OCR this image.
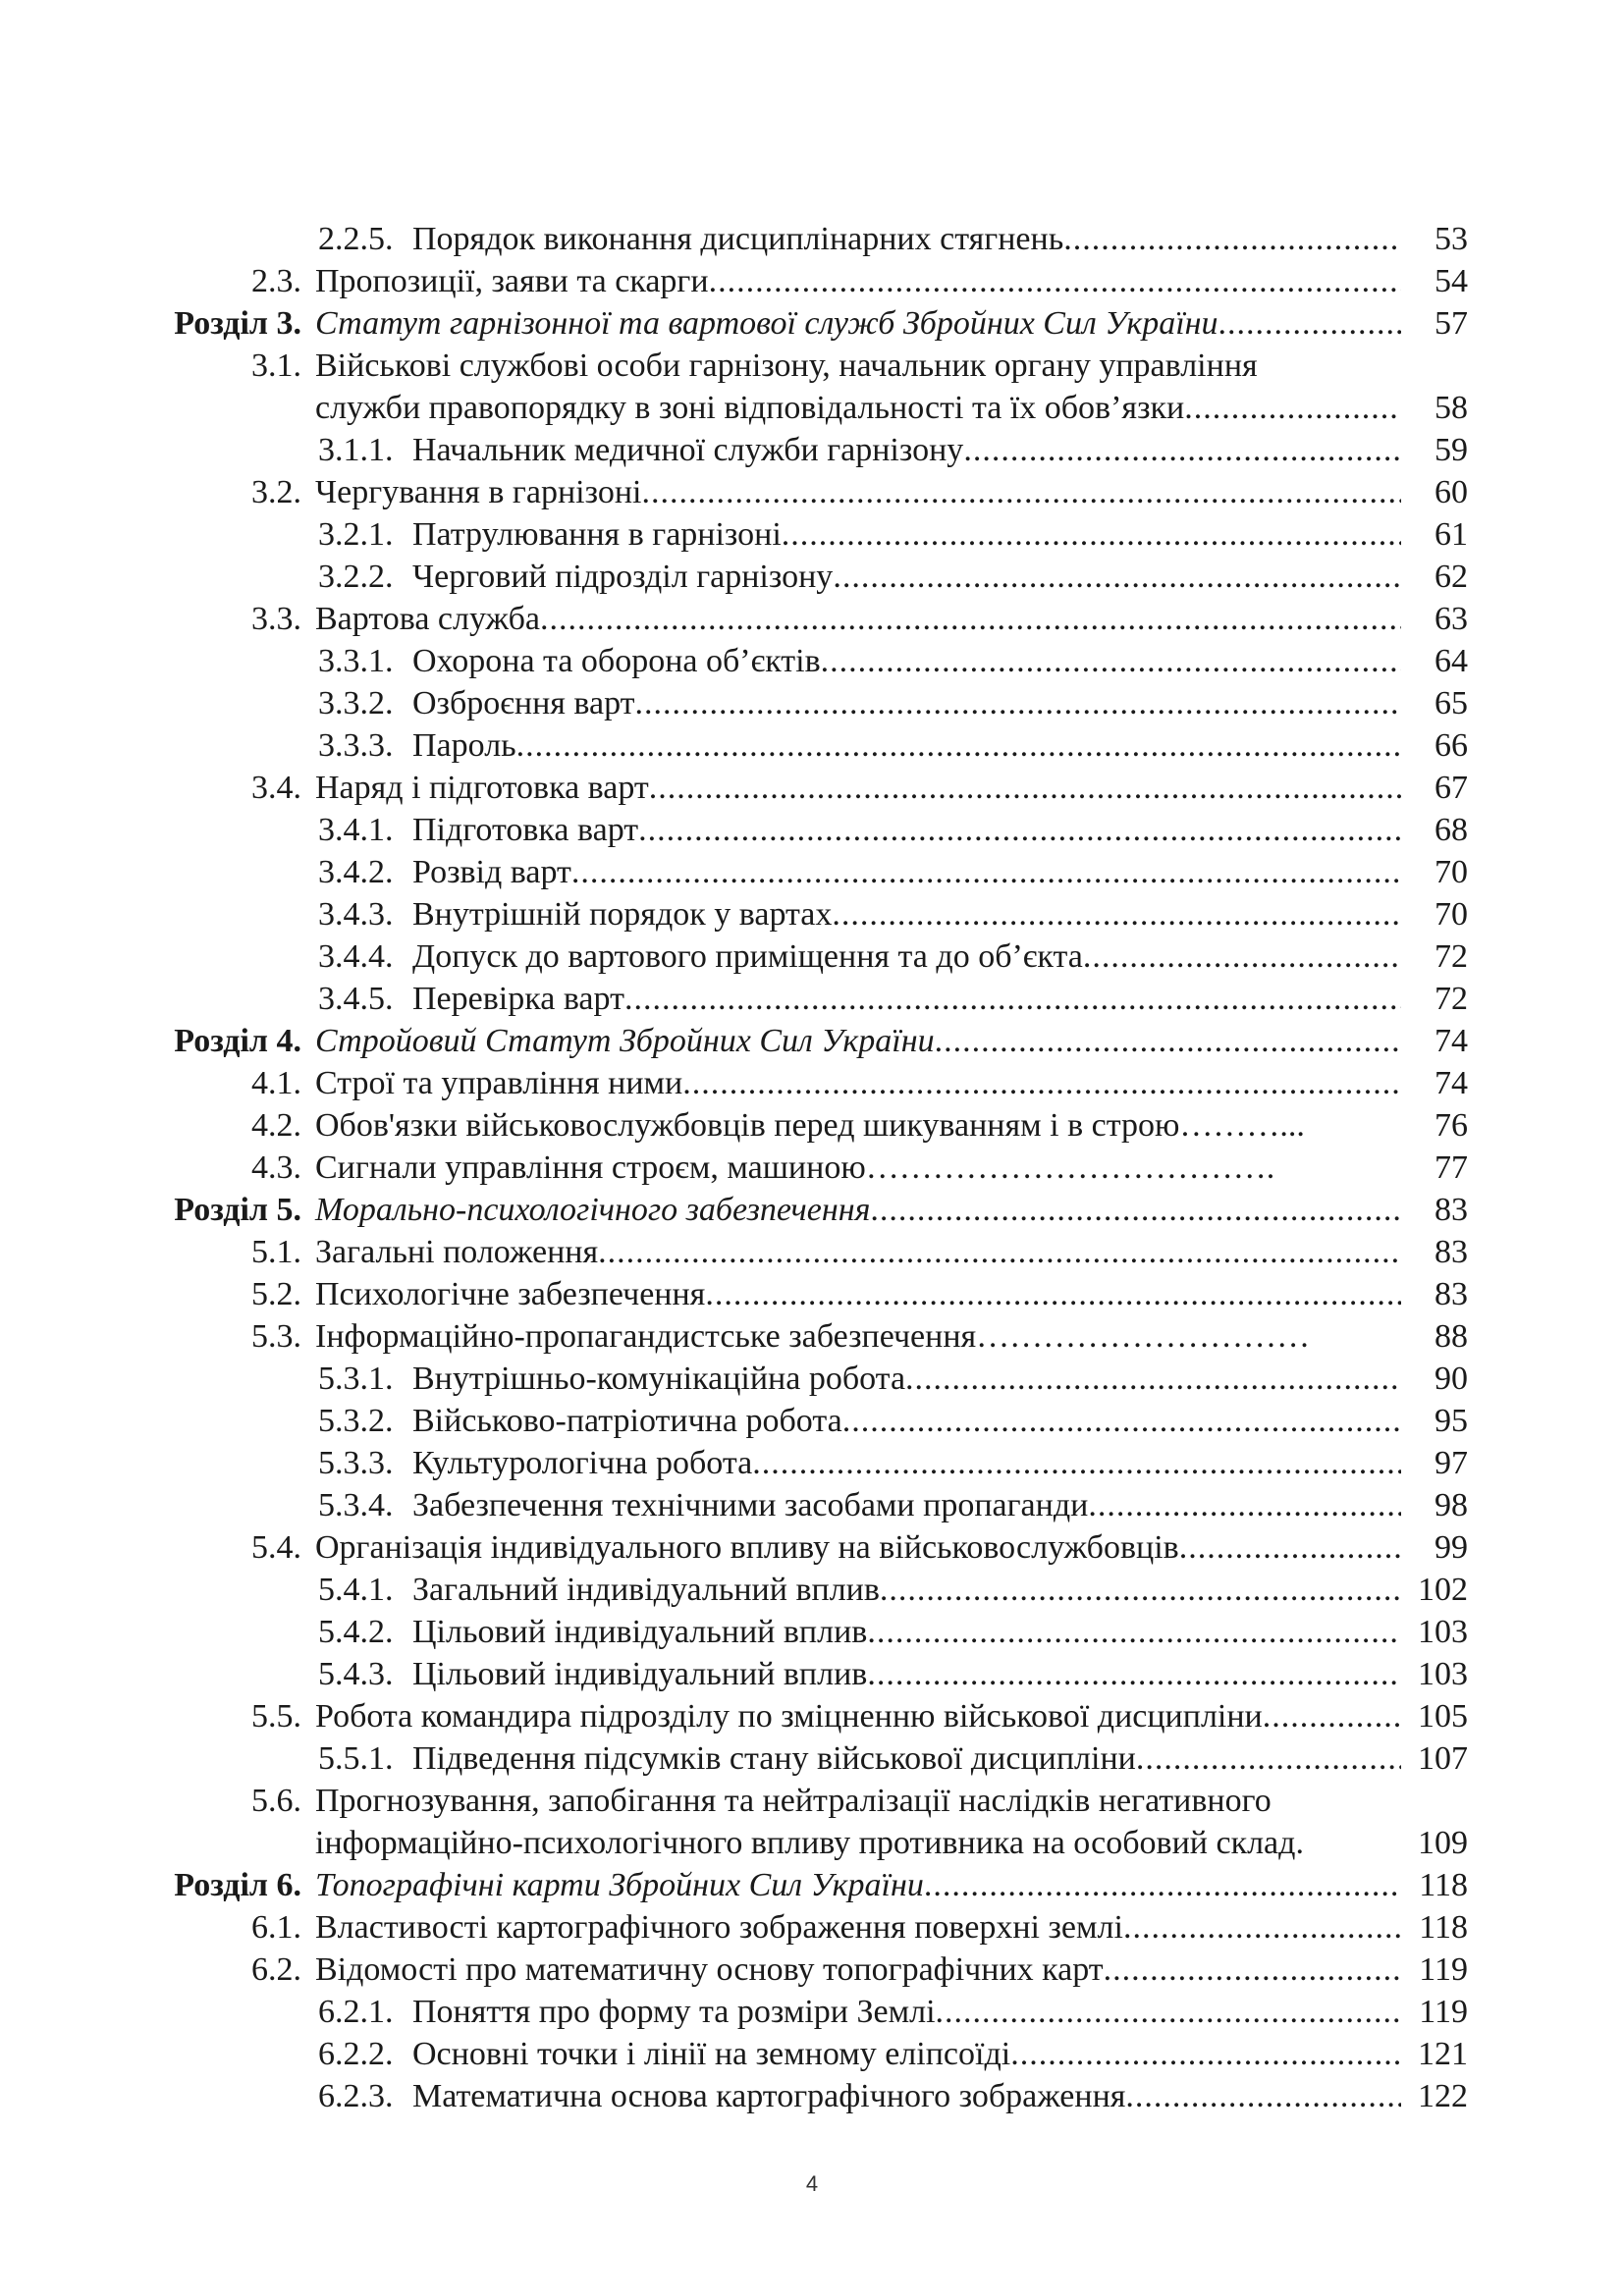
2.2.5. Порядок виконання дисциплінарних стягнень .....	53
2.3. Пропозиції, заяви та скарги .....	54
Розділ 3. Статут гарнізонної та вартової служб Збройних Сил України .....	57
3.1. Військові службові особи гарнізону, начальник органу управління
служби правопорядку в зоні відповідальності та їх обов’язки .....	58
3.1.1. Начальник медичної служби гарнізону .....	59
3.2. Чергування в гарнізоні .....	60
3.2.1. Патрулювання в гарнізоні .....	61
3.2.2. Черговий підрозділ гарнізону .....	62
3.3. Вартова служба .....	63
3.3.1. Охорона та оборона об’єктів .....	64
3.3.2. Озброєння варт .....	65
3.3.3. Пароль .....	66
3.4. Наряд і підготовка варт .....	67
3.4.1. Підготовка варт .....	68
3.4.2. Розвід варт .....	70
3.4.3. Внутрішній порядок у вартах .....	70
3.4.4. Допуск до вартового приміщення та до об’єкта .....	72
3.4.5. Перевірка варт .....	72
Розділ 4. Стройовий Статут Збройних Сил України .....	74
4.1. Строї та управління ними .....	74
4.2. Обов'язки військовослужбовців перед шикуванням і в строю………...	76
4.3. Сигнали управління строєм, машиною……………………………….	77
Розділ 5. Морально-психологічного забезпечення .....	83
5.1. Загальні положення .....	83
5.2. Психологічне забезпечення .....	83
5.3. Інформаційно-пропагандистське забезпечення…………………………	88
5.3.1. Внутрішньо-комунікаційна робота .....	90
5.3.2. Військово-патріотична робота .....	95
5.3.3. Культурологічна робота .....	97
5.3.4. Забезпечення технічними засобами пропаганди .....	98
5.4. Організація індивідуального впливу на військовослужбовців .....	99
5.4.1. Загальний індивідуальний вплив .....	102
5.4.2. Цільовий індивідуальний вплив .....	103
5.4.3. Цільовий індивідуальний вплив .....	103
5.5. Робота командира підрозділу по зміцненню військової дисципліни .....	105
5.5.1. Підведення підсумків стану військової дисципліни .....	107
5.6. Прогнозування, запобігання та нейтралізації наслідків негативного
інформаційно-психологічного впливу противника на особовий склад.	109
Розділ 6. Топографічні карти Збройних Сил України .....	118
6.1. Властивості картографічного зображення поверхні землі .....	118
6.2. Відомості про математичну основу топографічних карт .....	119
6.2.1. Поняття про форму та розміри Землі .....	119
6.2.2. Основні точки і лінії на земному еліпсоїді .....	121
6.2.3. Математична основа картографічного зображення .....	122
4
